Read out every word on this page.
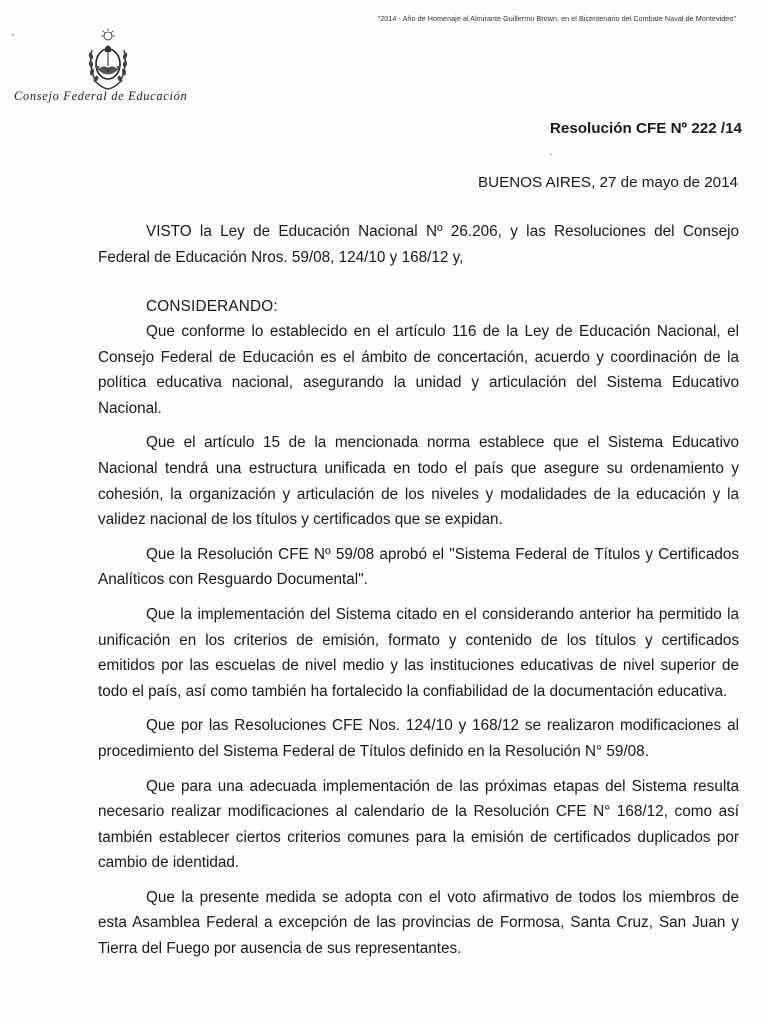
"2014 - Año de Homenaje al Almirante Guillermo Brown, en el Bicentenario del Combate Naval de Montevideo"
Consejo Federal de Educación
Resolución CFE Nº 222 /14
ˌ
BUENOS AIRES, 27 de mayo de 2014

VISTO la Ley de Educación Nacional Nº 26.206, y las Resoluciones del Consejo Federal de Educación Nros. 59/08, 124/10 y 168/12 y,

CONSIDERANDO:

Que conforme lo establecido en el artículo 116 de la Ley de Educación Nacional, el Consejo Federal de Educación es el ámbito de concertación, acuerdo y coordinación de la política educativa nacional, asegurando la unidad y articulación del Sistema Educativo Nacional.

Que el artículo 15 de la mencionada norma establece que el Sistema Educativo Nacional tendrá una estructura unificada en todo el país que asegure su ordenamiento y cohesión, la organización y articulación de los niveles y modalidades de la educación y la validez nacional de los títulos y certificados que se expidan.

Que la Resolución CFE Nº 59/08 aprobó el "Sistema Federal de Títulos y Certificados Analíticos con Resguardo Documental".

Que la implementación del Sistema citado en el considerando anterior ha permitido la unificación en los criterios de emisión, formato y contenido de los títulos y certificados emitidos por las escuelas de nivel medio y las instituciones educativas de nivel superior de todo el país, así como también ha fortalecido la confiabilidad de la documentación educativa.

Que por las Resoluciones CFE Nos. 124/10 y 168/12 se realizaron modificaciones al procedimiento del Sistema Federal de Títulos definido en la Resolución N° 59/08.

Que para una adecuada implementación de las próximas etapas del Sistema resulta necesario realizar modificaciones al calendario de la Resolución CFE N° 168/12, como así también establecer ciertos criterios comunes para la emisión de certificados duplicados por cambio de identidad.

Que la presente medida se adopta con el voto afirmativo de todos los miembros de esta Asamblea Federal a excepción de las provincias de Formosa, Santa Cruz, San Juan y Tierra del Fuego por ausencia de sus representantes.
